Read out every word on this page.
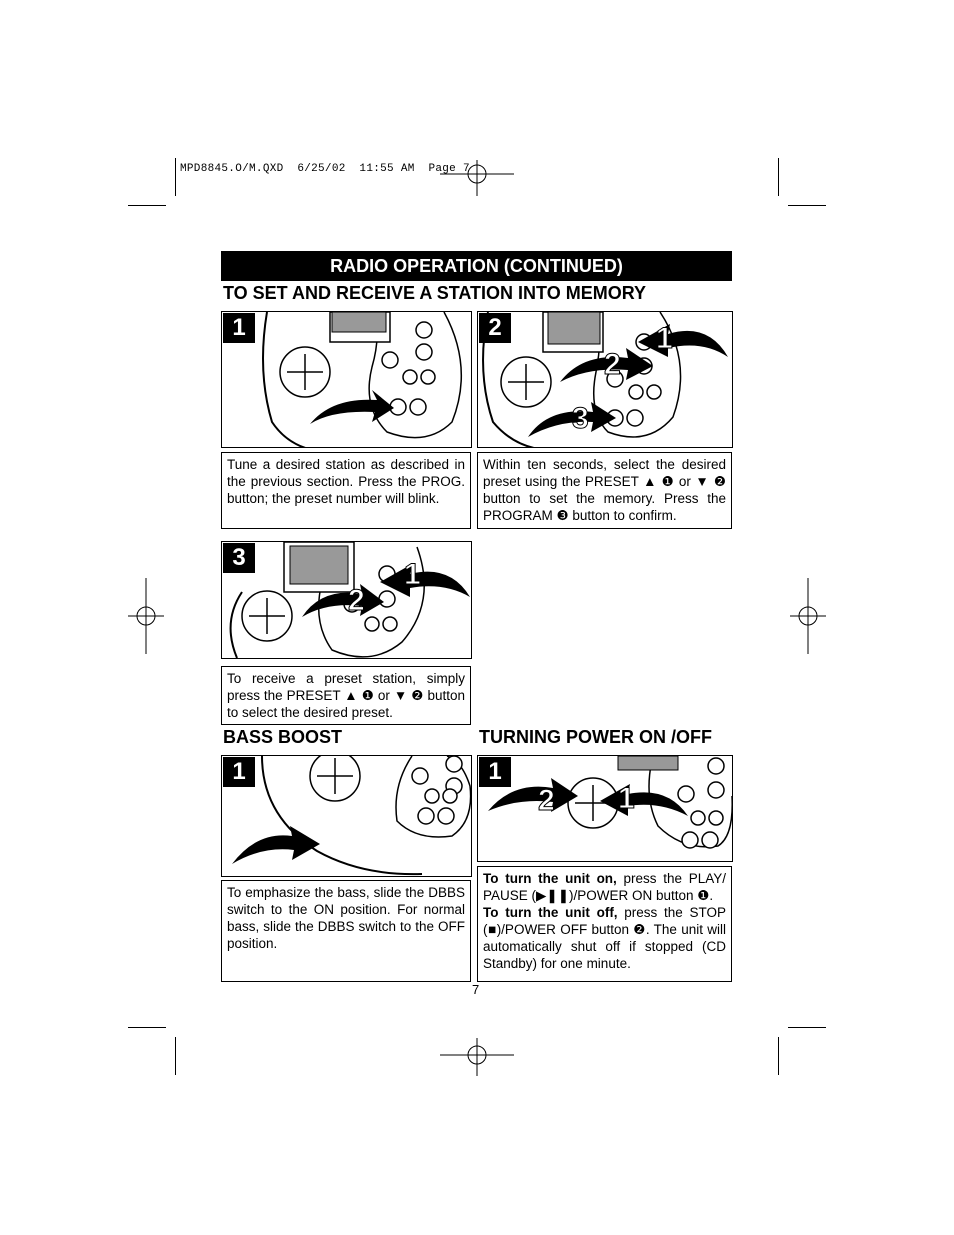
MPD8845.O/M.QXD  6/25/02  11:55 AM  Page 7
RADIO OPERATION (CONTINUED)
TO SET AND RECEIVE A STATION INTO MEMORY
1	2	1
2
3
Tune a desired station as described in the previous section. Press the PROG. button; the preset number will blink.
Within ten seconds, select the desired preset using the PRESET ▲ ❶ or ▼ ❷ button to set the memory. Press the PROGRAM ❸ button to confirm.
3
1
2
To receive a preset station, simply press the PRESET ▲ ❶ or ▼ ❷ button to select the desired preset.
BASS BOOST	TURNING POWER ON /OFF
1	1
2 1
To emphasize the bass, slide the DBBS switch to the ON position. For normal bass, slide the DBBS switch to the OFF position.
To turn the unit on, press the PLAY/ PAUSE (▶❚❚)/POWER ON button ❶.
To turn the unit off, press the STOP (■)/POWER OFF button ❷. The unit will automatically shut off if stopped (CD Standby) for one minute.
7
